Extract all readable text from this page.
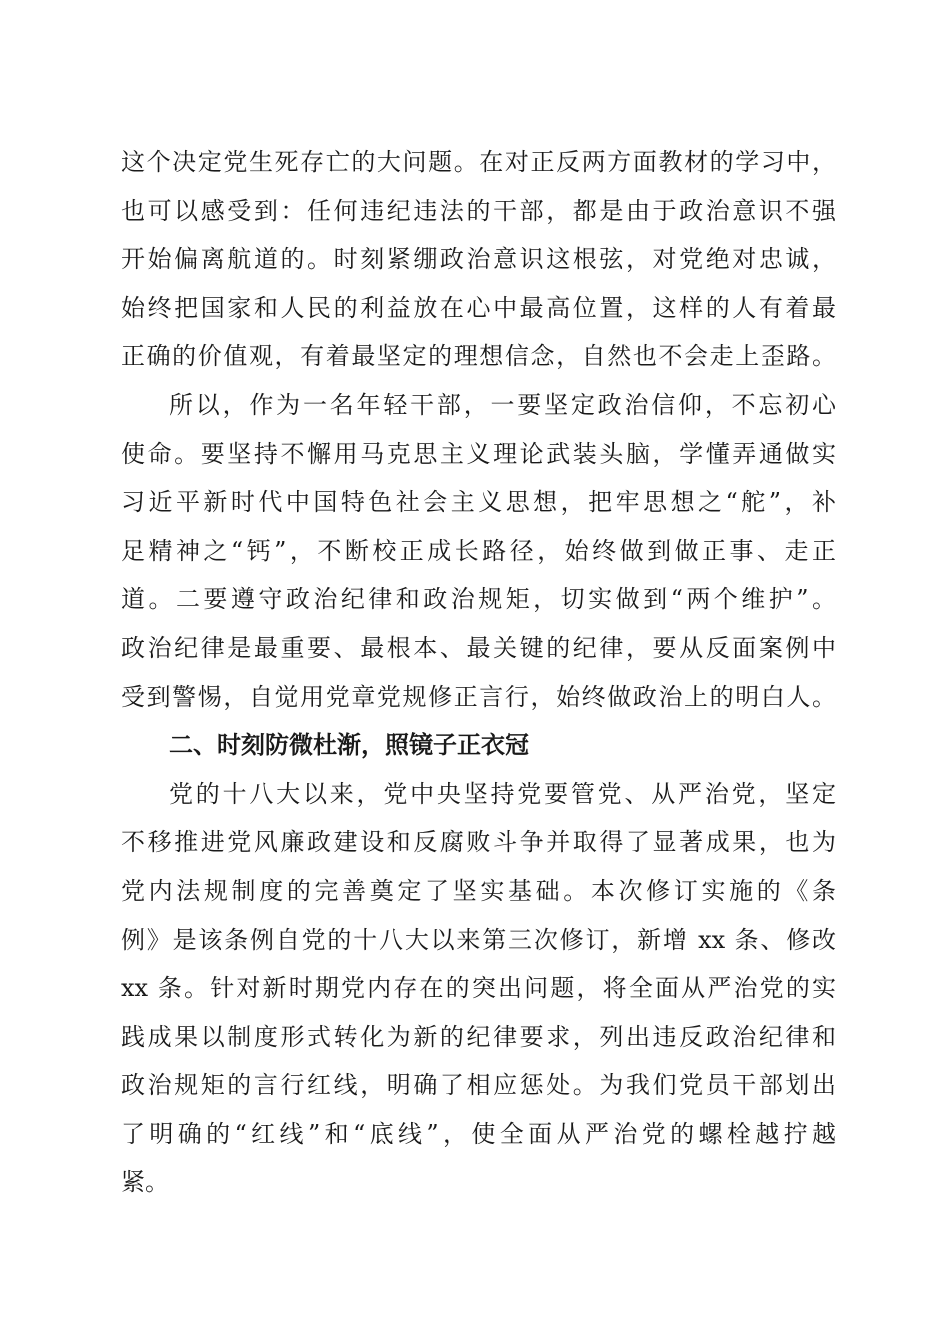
这个决定党生死存亡的大问题。在对正反两方面教材的学习中，
也可以感受到：任何违纪违法的干部，都是由于政治意识不强
开始偏离航道的。时刻紧绷政治意识这根弦，对党绝对忠诚，
始终把国家和人民的利益放在心中最高位置，这样的人有着最
正确的价值观，有着最坚定的理想信念，自然也不会走上歪路。
所以，作为一名年轻干部，一要坚定政治信仰，不忘初心
使命。要坚持不懈用马克思主义理论武装头脑，学懂弄通做实
习近平新时代中国特色社会主义思想，把牢思想之“舵”，补
足精神之“钙”，不断校正成长路径，始终做到做正事、走正
道。二要遵守政治纪律和政治规矩，切实做到“两个维护”。
政治纪律是最重要、最根本、最关键的纪律，要从反面案例中
受到警惕，自觉用党章党规修正言行，始终做政治上的明白人。
二、时刻防微杜渐，照镜子正衣冠
党的十八大以来，党中央坚持党要管党、从严治党，坚定
不移推进党风廉政建设和反腐败斗争并取得了显著成果，也为
党内法规制度的完善奠定了坚实基础。本次修订实施的《条
例》是该条例自党的十八大以来第三次修订，新增 xx 条、修改
xx 条。针对新时期党内存在的突出问题，将全面从严治党的实
践成果以制度形式转化为新的纪律要求，列出违反政治纪律和
政治规矩的言行红线，明确了相应惩处。为我们党员干部划出
了明确的“红线”和“底线”，使全面从严治党的螺栓越拧越
紧。
